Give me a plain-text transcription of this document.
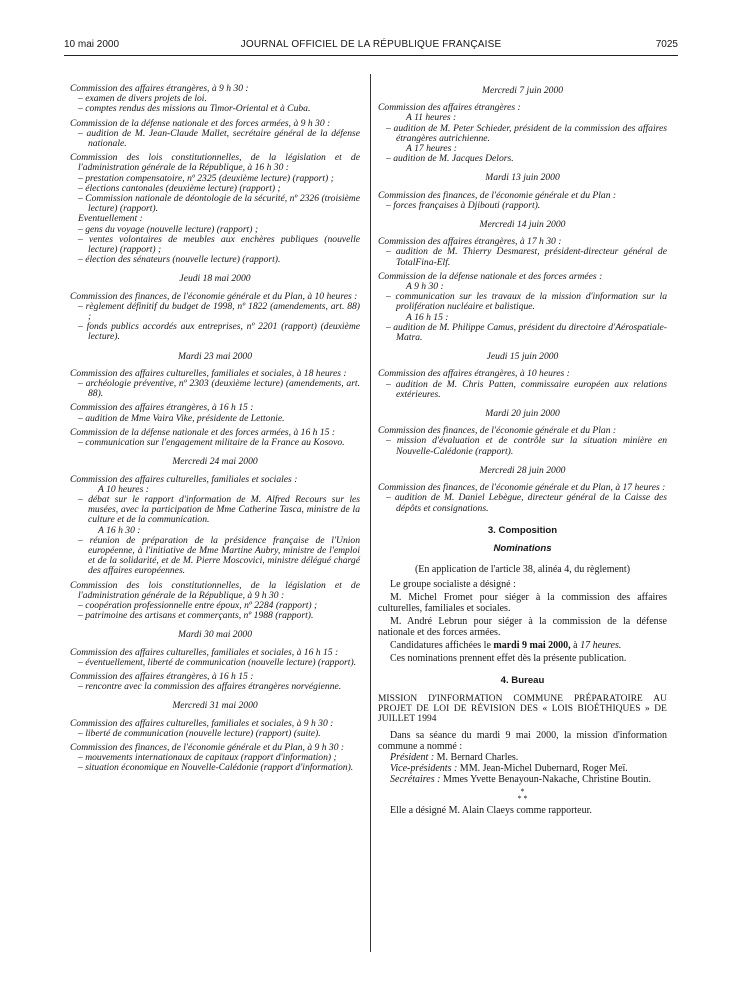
10 mai 2000	JOURNAL OFFICIEL DE LA RÉPUBLIQUE FRANÇAISE	7025
Commission des affaires étrangères, à 9 h 30 :
– examen de divers projets de loi.
– comptes rendus des missions au Timor-Oriental et à Cuba.
Commission de la défense nationale et des forces armées, à 9 h 30 :
– audition de M. Jean-Claude Mallet, secrétaire général de la défense nationale.
Commission des lois constitutionnelles, de la législation et de l'administration générale de la République, à 16 h 30 :
– prestation compensatoire, nº 2325 (deuxième lecture) (rapport) ;
– élections cantonales (deuxième lecture) (rapport) ;
– Commission nationale de déontologie de la sécurité, nº 2326 (troisième lecture) (rapport).
Eventuellement :
– gens du voyage (nouvelle lecture) (rapport) ;
– ventes volontaires de meubles aux enchères publiques (nouvelle lecture) (rapport) ;
– élection des sénateurs (nouvelle lecture) (rapport).
Jeudi 18 mai 2000
Commission des finances, de l'économie générale et du Plan, à 10 heures :
– règlement définitif du budget de 1998, nº 1822 (amendements, art. 88) ;
– fonds publics accordés aux entreprises, nº 2201 (rapport) (deuxième lecture).
Mardi 23 mai 2000
Commission des affaires culturelles, familiales et sociales, à 18 heures :
– archéologie préventive, nº 2303 (deuxième lecture) (amendements, art. 88).
Commission des affaires étrangères, à 16 h 15 :
– audition de Mme Vaira Vike, présidente de Lettonie.
Commission de la défense nationale et des forces armées, à 16 h 15 :
– communication sur l'engagement militaire de la France au Kosovo.
Mercredi 24 mai 2000
Commission des affaires culturelles, familiales et sociales :
A 10 heures :
– débat sur le rapport d'information de M. Alfred Recours sur les musées, avec la participation de Mme Catherine Tasca, ministre de la culture et de la communication.
A 16 h 30 :
– réunion de préparation de la présidence française de l'Union européenne, à l'initiative de Mme Martine Aubry, ministre de l'emploi et de la solidarité, et de M. Pierre Moscovici, ministre délégué chargé des affaires européennes.
Commission des lois constitutionnelles, de la législation et de l'administration générale de la République, à 9 h 30 :
– coopération professionnelle entre époux, nº 2284 (rapport) ;
– patrimoine des artisans et commerçants, nº 1988 (rapport).
Mardi 30 mai 2000
Commission des affaires culturelles, familiales et sociales, à 16 h 15 :
– éventuellement, liberté de communication (nouvelle lecture) (rapport).
Commission des affaires étrangères, à 16 h 15 :
– rencontre avec la commission des affaires étrangères norvégienne.
Mercredi 31 mai 2000
Commission des affaires culturelles, familiales et sociales, à 9 h 30 :
– liberté de communication (nouvelle lecture) (rapport) (suite).
Commission des finances, de l'économie générale et du Plan, à 9 h 30 :
– mouvements internationaux de capitaux (rapport d'information) ;
– situation économique en Nouvelle-Calédonie (rapport d'information).
Mercredi 7 juin 2000
Commission des affaires étrangères :
A 11 heures :
– audition de M. Peter Schieder, président de la commission des affaires étrangères autrichienne.
A 17 heures :
– audition de M. Jacques Delors.
Mardi 13 juin 2000
Commission des finances, de l'économie générale et du Plan :
– forces françaises à Djibouti (rapport).
Mercredi 14 juin 2000
Commission des affaires étrangères, à 17 h 30 :
– audition de M. Thierry Desmarest, président-directeur général de TotalFina-Elf.
Commission de la défense nationale et des forces armées :
A 9 h 30 :
– communication sur les travaux de la mission d'information sur la prolifération nucléaire et balistique.
A 16 h 15 :
– audition de M. Philippe Camus, président du directoire d'Aérospatiale-Matra.
Jeudi 15 juin 2000
Commission des affaires étrangères, à 10 heures :
– audition de M. Chris Patten, commissaire européen aux relations extérieures.
Mardi 20 juin 2000
Commission des finances, de l'économie générale et du Plan :
– mission d'évaluation et de contrôle sur la situation minière en Nouvelle-Calédonie (rapport).
Mercredi 28 juin 2000
Commission des finances, de l'économie générale et du Plan, à 17 heures :
– audition de M. Daniel Lebègue, directeur général de la Caisse des dépôts et consignations.
3. Composition
Nominations
(En application de l'article 38, alinéa 4, du règlement)
Le groupe socialiste a désigné :
M. Michel Fromet pour siéger à la commission des affaires culturelles, familiales et sociales.
M. André Lebrun pour siéger à la commission de la défense nationale et des forces armées.
Candidatures affichées le mardi 9 mai 2000, à 17 heures.
Ces nominations prennent effet dès la présente publication.
4. Bureau
MISSION D'INFORMATION COMMUNE PRÉPARATOIRE AU PROJET DE LOI DE RÉVISION DES « LOIS BIOÉTHIQUES » DE JUILLET 1994
Dans sa séance du mardi 9 mai 2000, la mission d'information commune a nommé :
Président : M. Bernard Charles.
Vice-présidents : MM. Jean-Michel Dubernard, Roger Meï.
Secrétaires : Mmes Yvette Benayoun-Nakache, Christine Boutin.
*
* *
Elle a désigné M. Alain Claeys comme rapporteur.
